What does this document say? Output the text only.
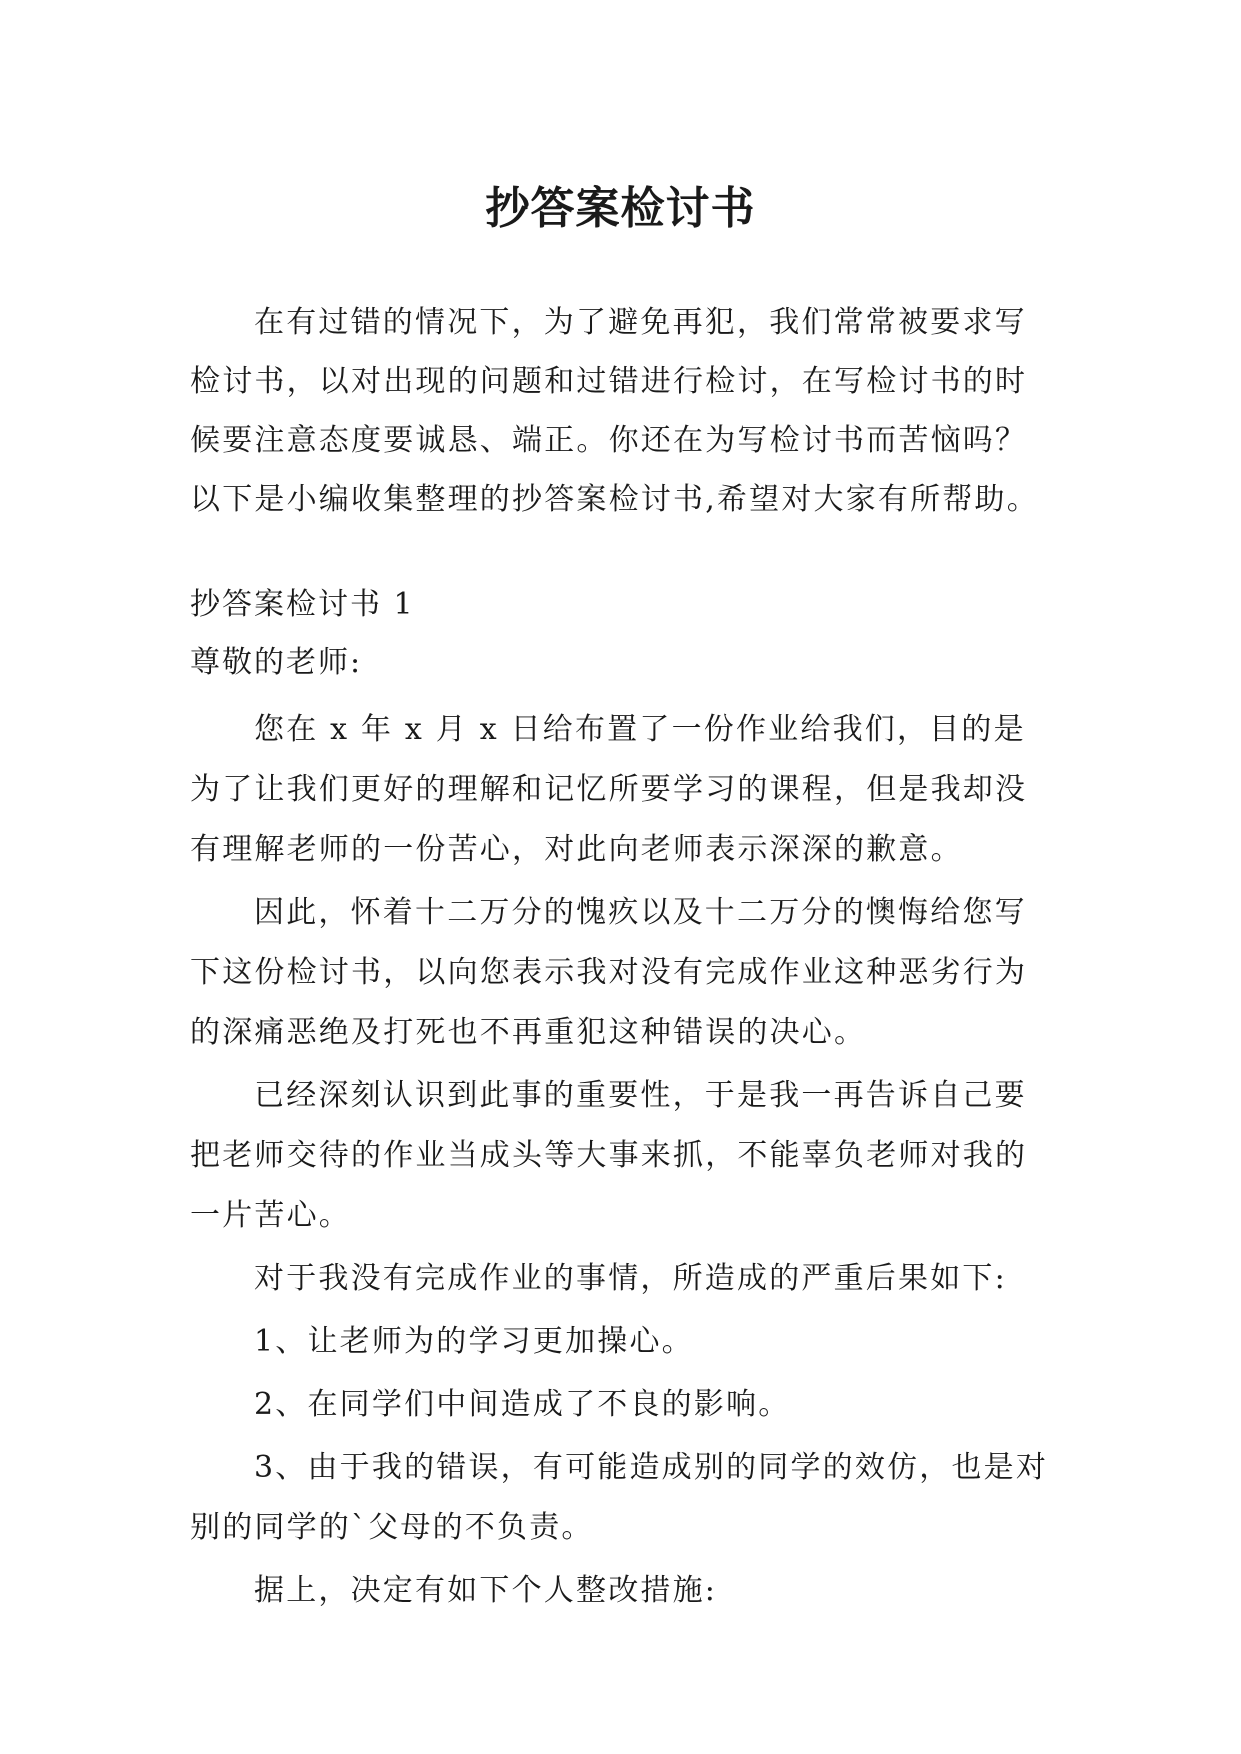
抄答案检讨书

在有过错的情况下，为了避免再犯，我们常常被要求写检讨书，以对出现的问题和过错进行检讨，在写检讨书的时候要注意态度要诚恳、端正。你还在为写检讨书而苦恼吗？以下是小编收集整理的抄答案检讨书,希望对大家有所帮助。

抄答案检讨书 1

尊敬的老师:

您在 x 年 x 月 x 日给布置了一份作业给我们，目的是为了让我们更好的理解和记忆所要学习的课程，但是我却没有理解老师的一份苦心，对此向老师表示深深的歉意。

因此，怀着十二万分的愧疚以及十二万分的懊悔给您写下这份检讨书，以向您表示我对没有完成作业这种恶劣行为的深痛恶绝及打死也不再重犯这种错误的决心。

已经深刻认识到此事的重要性，于是我一再告诉自己要把老师交待的作业当成头等大事来抓，不能辜负老师对我的一片苦心。

对于我没有完成作业的事情，所造成的严重后果如下:

1、让老师为的学习更加操心。

2、在同学们中间造成了不良的影响。

3、由于我的错误，有可能造成别的同学的效仿，也是对别的同学的`父母的不负责。

据上，决定有如下个人整改措施:
